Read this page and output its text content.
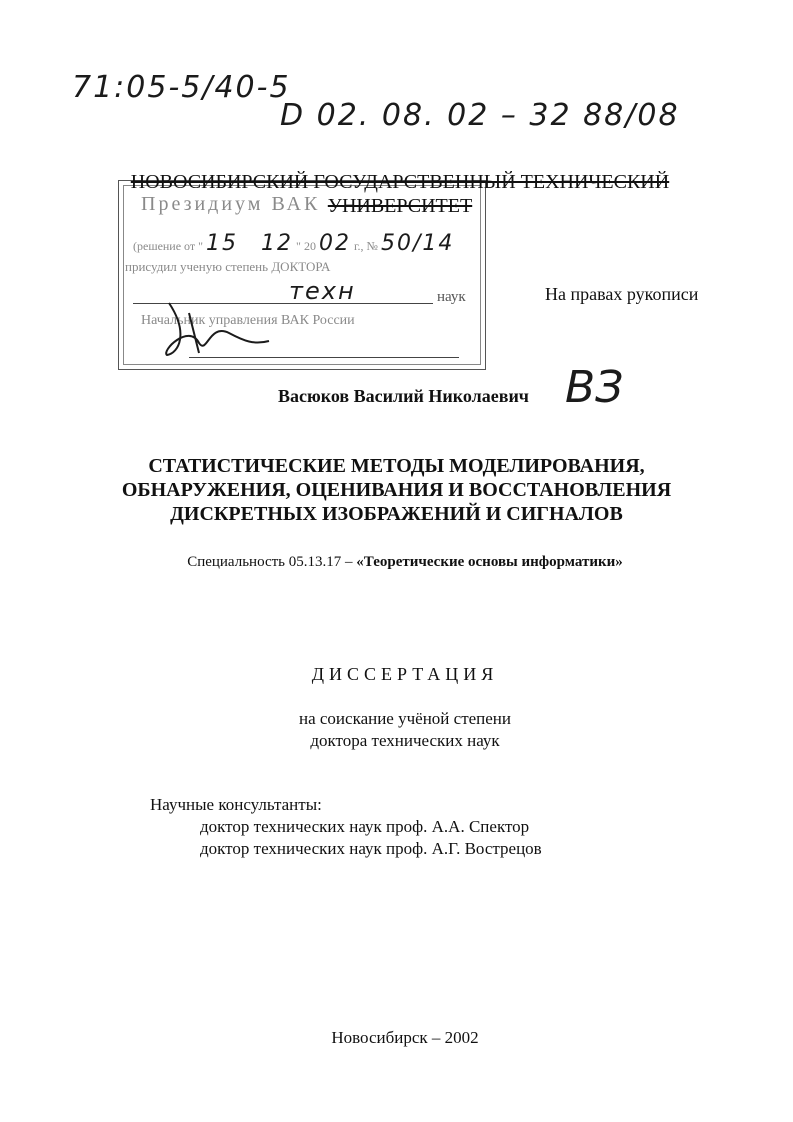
71:05-5/40-5
D 02. 08. 02 – 32 88/08
Президиум ВАК
(решение от " 15 12 " 20 02 г., № 50/14
присудил ученую степень ДОКТОРА
техн	наук
Начальник управления ВАК России
НОВОСИБИРСКИЙ ГОСУДАРСТВЕННЫЙ ТЕХНИЧЕСКИЙ УНИВЕРСИТЕТ
На правах рукописи
Васюков Василий Николаевич ВЗ
СТАТИСТИЧЕСКИЕ МЕТОДЫ МОДЕЛИРОВАНИЯ,
ОБНАРУЖЕНИЯ, ОЦЕНИВАНИЯ И ВОССТАНОВЛЕНИЯ
ДИСКРЕТНЫХ ИЗОБРАЖЕНИЙ И СИГНАЛОВ
Специальность 05.13.17 – «Теоретические основы информатики»
ДИССЕРТАЦИЯ
на соискание учёной степени
доктора технических наук
Научные консультанты:
доктор технических наук проф. А.А. Спектор
доктор технических наук проф. А.Г. Вострецов
Новосибирск – 2002
